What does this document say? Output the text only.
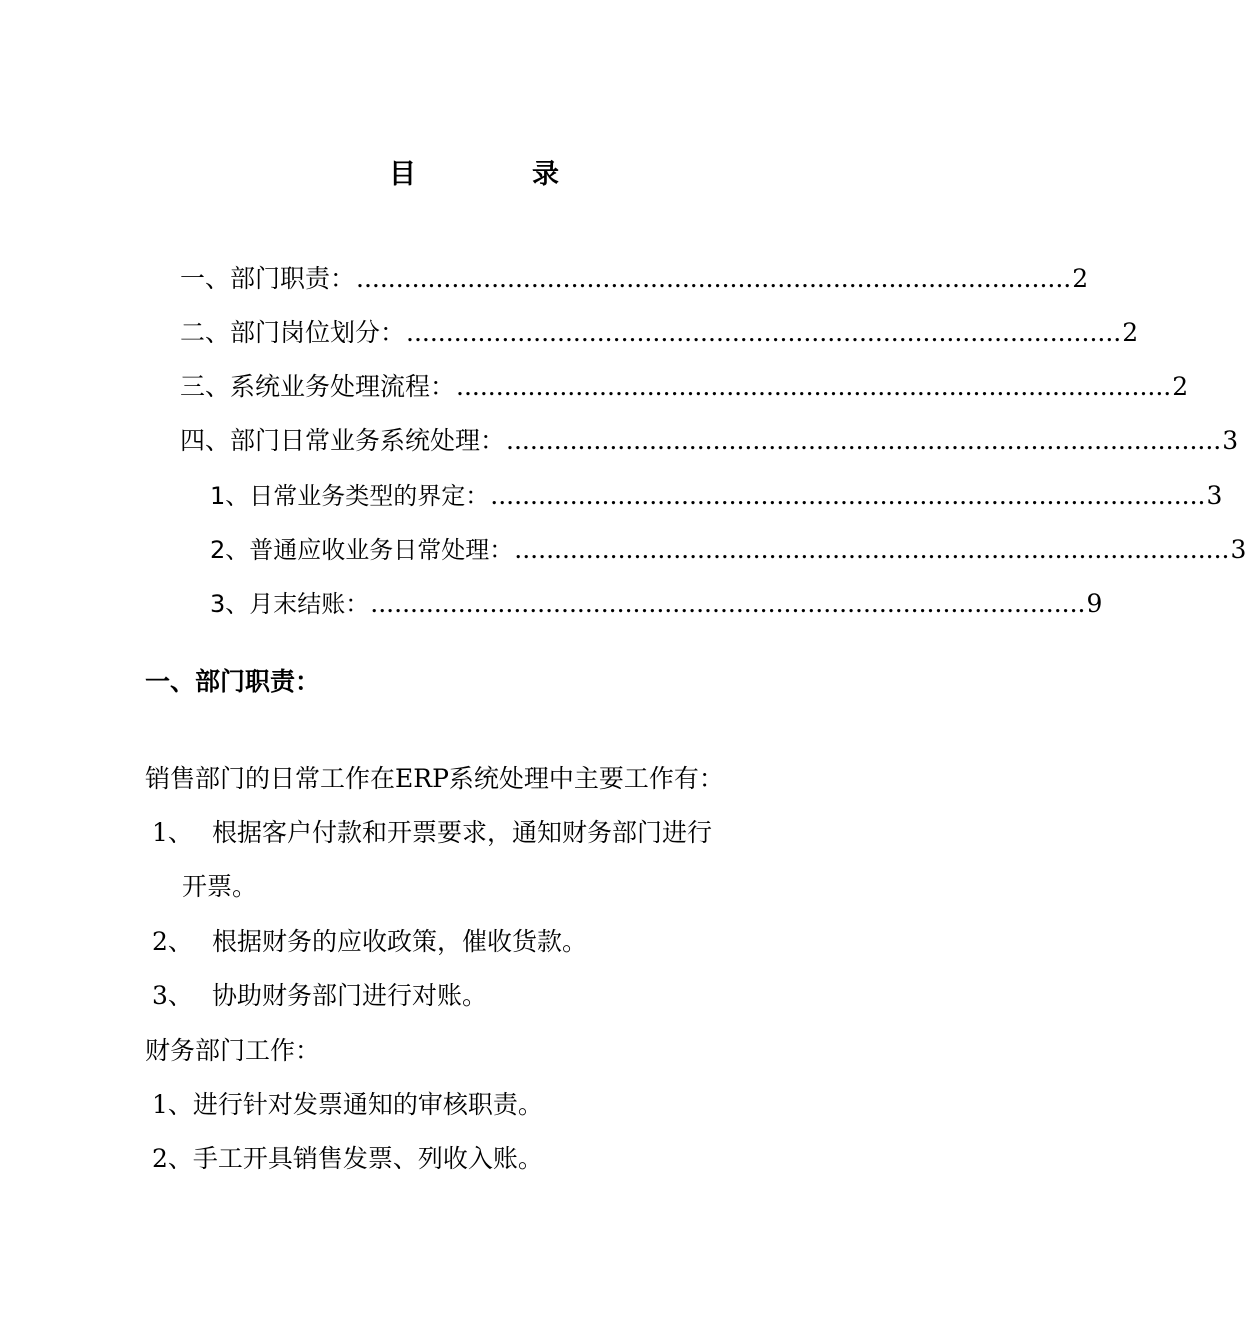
目	录
一、部门职责： .......................................................................................... 2
二、部门岗位划分： .......................................................................................... 2
三、系统业务处理流程： .......................................................................................... 2
四、部门日常业务系统处理： .......................................................................................... 3
1、日常业务类型的界定： .......................................................................................... 3
2、普通应收业务日常处理： .......................................................................................... 3
3、月末结账： .......................................................................................... 9
一、部门职责：
销售部门的日常工作在ERP系统处理中主要工作有：
1、 根据客户付款和开票要求，通知财务部门进行
开票。
2、 根据财务的应收政策，催收货款。
3、 协助财务部门进行对账。
财务部门工作：
1、进行针对发票通知的审核职责。
2、手工开具销售发票、列收入账。
